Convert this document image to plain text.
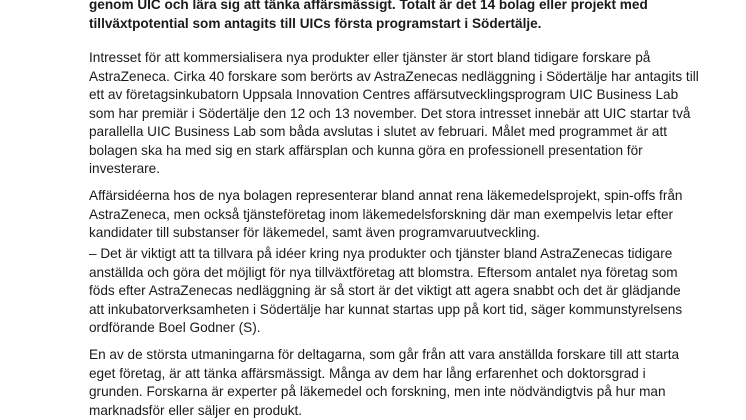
genom UIC och lära sig att tänka affärsmässigt. Totalt är det 14 bolag eller projekt med
tillväxtpotential som antagits till UICs första programstart i Södertälje.

Intresset för att kommersialisera nya produkter eller tjänster är stort bland tidigare forskare på
AstraZeneca. Cirka 40 forskare som berörts av AstraZenecas nedläggning i Södertälje har antagits till
ett av företagsinkubatorn Uppsala Innovation Centres affärsutvecklingsprogram UIC Business Lab
som har premiär i Södertälje den 12 och 13 november. Det stora intresset innebär att UIC startar två
parallella UIC Business Lab som båda avslutas i slutet av februari. Målet med programmet är att
bolagen ska ha med sig en stark affärsplan och kunna göra en professionell presentation för
investerare.

Affärsidéerna hos de nya bolagen representerar bland annat rena läkemedelsprojekt, spin-offs från
AstraZeneca, men också tjänsteföretag inom läkemedelsforskning där man exempelvis letar efter
kandidater till substanser för läkemedel, samt även programvaruutveckling.

– Det är viktigt att ta tillvara på idéer kring nya produkter och tjänster bland AstraZenecas tidigare
anställda och göra det möjligt för nya tillväxtföretag att blomstra. Eftersom antalet nya företag som
föds efter AstraZenecas nedläggning är så stort är det viktigt att agera snabbt och det är glädjande
att inkubatorverksamheten i Södertälje har kunnat startas upp på kort tid, säger kommunstyrelsens
ordförande Boel Godner (S).

En av de största utmaningarna för deltagarna, som går från att vara anställda forskare till att starta
eget företag, är att tänka affärsmässigt. Många av dem har lång erfarenhet och doktorsgrad i
grunden. Forskarna är experter på läkemedel och forskning, men inte nödvändigtvis på hur man
marknadsför eller säljer en produkt.
